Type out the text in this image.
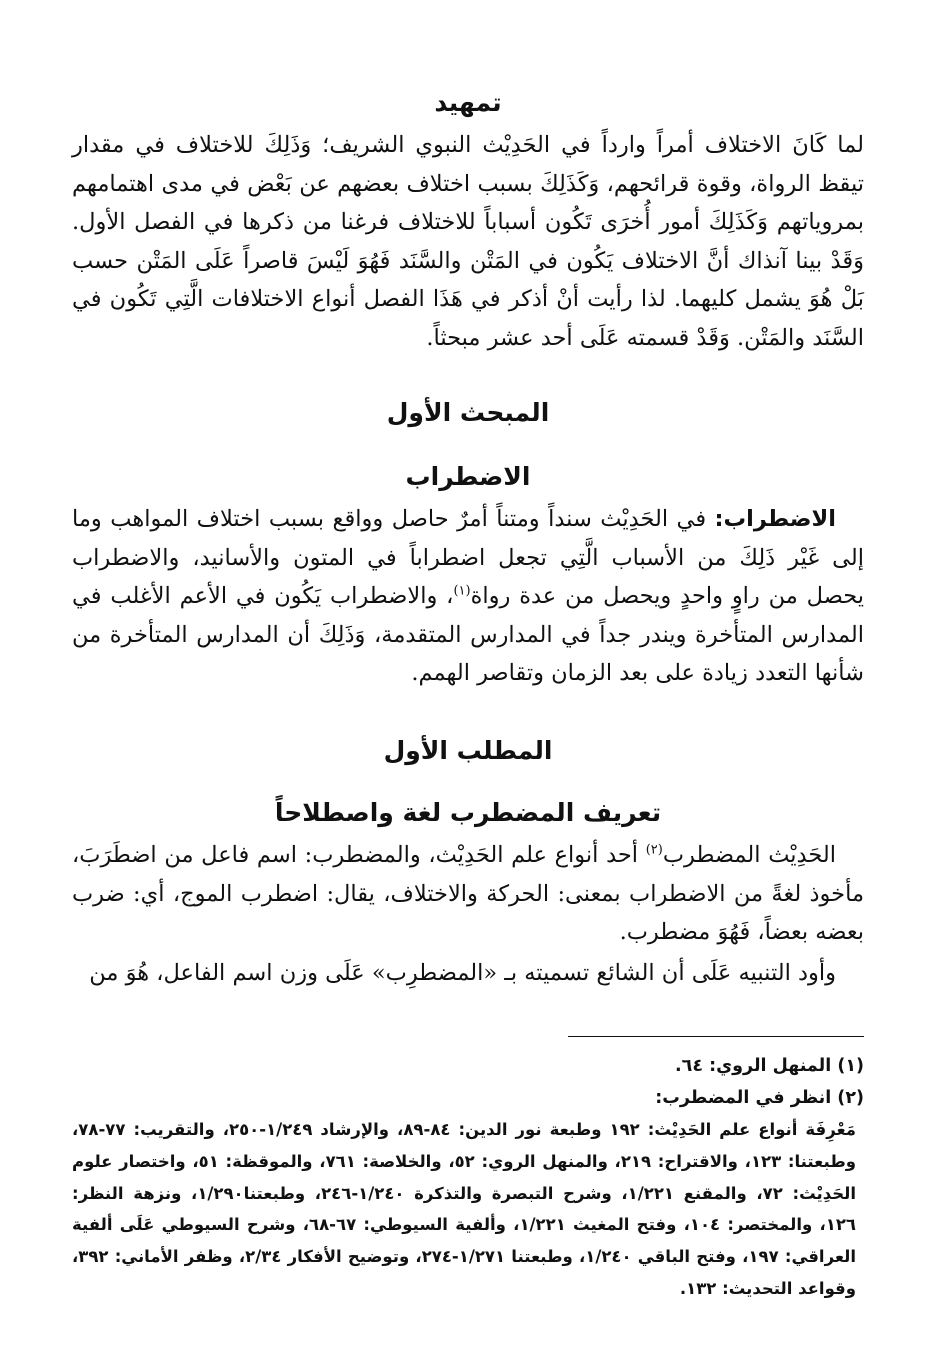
تمهيد

لما كَانَ الاختلاف أمراً وارداً في الحَدِيْث النبوي الشريف؛ وَذَلِكَ للاختلاف في مقدار تيقظ الرواة، وقوة قرائحهم، وَكَذَلِكَ بسبب اختلاف بعضهم عن بَعْض في مدى اهتمامهم بمروياتهم وَكَذَلِكَ أمور أُخرَى تَكُون أسباباً للاختلاف فرغنا من ذكرها في الفصل الأول. وَقَدْ بينا آنذاك أنَّ الاختلاف يَكُون في المَتْن والسَّنَد فَهُوَ لَيْسَ قاصراً عَلَى المَتْن حسب بَلْ هُوَ يشمل كليهما. لذا رأيت أنْ أذكر في هَذَا الفصل أنواع الاختلافات الَّتِي تَكُون في السَّنَد والمَتْن. وَقَدْ قسمته عَلَى أحد عشر مبحثاً.

المبحث الأول
الاضطراب

الاضطراب: في الحَدِيْث سنداً ومتناً أمرٌ حاصل وواقع بسبب اختلاف المواهب وما إلى غَيْر ذَلِكَ من الأسباب الَّتِي تجعل اضطراباً في المتون والأسانيد، والاضطراب يحصل من راوٍ واحدٍ ويحصل من عدة رواة$^{(١)}$، والاضطراب يَكُون في الأعم الأغلب في المدارس المتأخرة ويندر جداً في المدارس المتقدمة، وَذَلِكَ أن المدارس المتأخرة من شأنها التعدد زيادة على بعد الزمان وتقاصر الهمم.

المطلب الأول
تعريف المضطرب لغة واصطلاحاً

الحَدِيْث المضطرب$^{(٢)}$ أحد أنواع علم الحَدِيْث، والمضطرب: اسم فاعل من اضطَرَبَ، مأخوذ لغةً من الاضطراب بمعنى: الحركة والاختلاف، يقال: اضطرب الموج، أي: ضرب بعضه بعضاً، فَهُوَ مضطرب.

وأود التنبيه عَلَى أن الشائع تسميته بـ «المضطرِب» عَلَى وزن اسم الفاعل، هُوَ من

(١) المنهل الروي: ٦٤.

(٢) انظر في المضطرب:

مَعْرِفَة أنواع علم الحَدِيْث: ١٩٢ وطبعة نور الدين: ٨٤-٨٩، والإرشاد ١/٢٤٩-٢٥٠، والتقريب: ٧٧-٧٨، وطبعتنا: ١٢٣، والاقتراح: ٢١٩، والمنهل الروي: ٥٢، والخلاصة: ٧٦١، والموقظة: ٥١، واختصار علوم الحَدِيْث: ٧٢، والمقنع ١/٢٢١، وشرح التبصرة والتذكرة ١/٢٤٠-٢٤٦، وطبعتنا١/٢٩٠، ونزهة النظر: ١٢٦، والمختصر: ١٠٤، وفتح المغيث ١/٢٢١، وألفية السيوطي: ٦٧-٦٨، وشرح السيوطي عَلَى ألفية العراقي: ١٩٧، وفتح الباقي ١/٢٤٠، وطبعتنا ١/٢٧١-٢٧٤، وتوضيح الأفكار ٢/٣٤، وظفر الأماني: ٣٩٢، وقواعد التحديث: ١٣٢.
